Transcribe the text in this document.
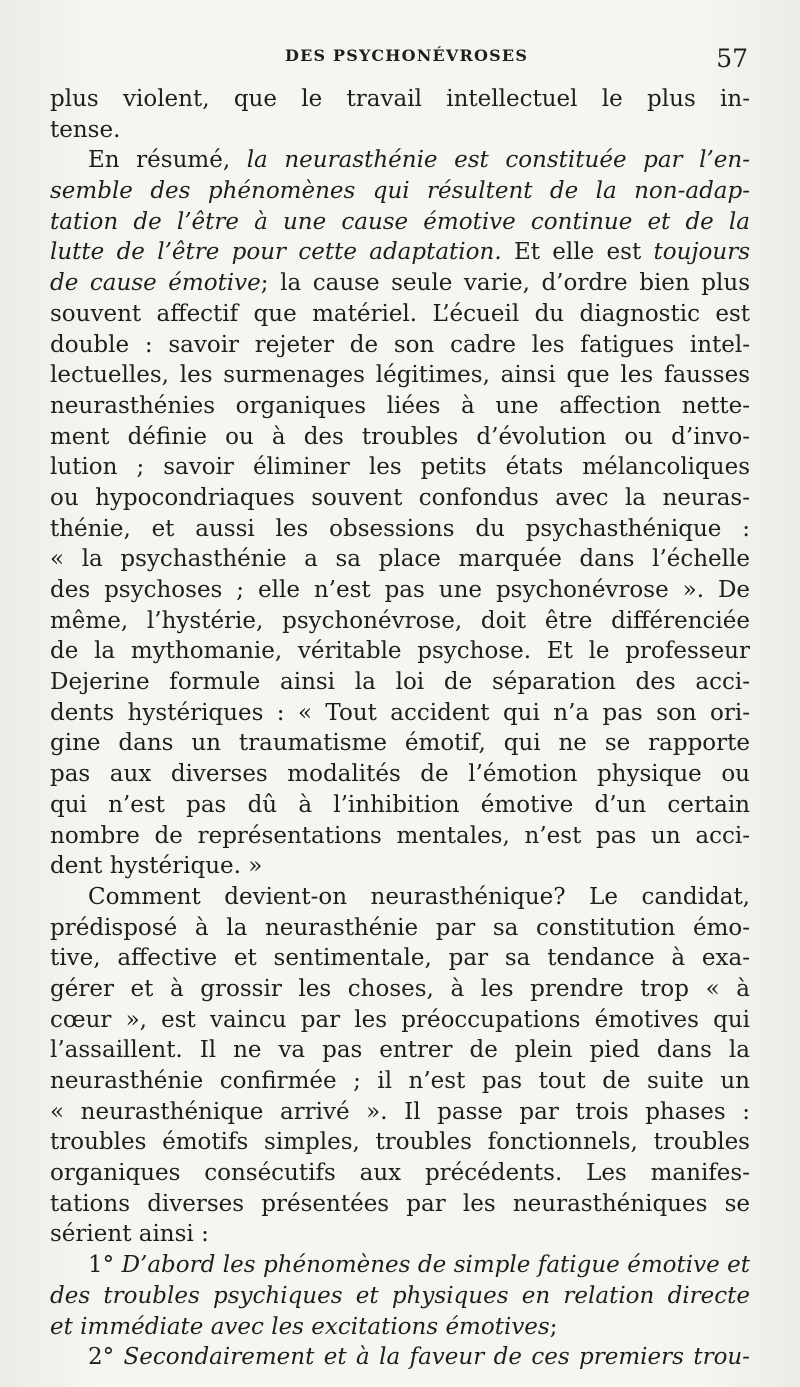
DES PSYCHONÉVROSES	57
plus violent, que le travail intellectuel le plus in-
tense.
En résumé, la neurasthénie est constituée par l’en-
semble des phénomènes qui résultent de la non-adap-
tation de l’être à une cause émotive continue et de la
lutte de l’être pour cette adaptation. Et elle est toujours
de cause émotive; la cause seule varie, d’ordre bien plus
souvent affectif que matériel. L’écueil du diagnostic est
double : savoir rejeter de son cadre les fatigues intel-
lectuelles, les surmenages légitimes, ainsi que les fausses
neurasthénies organiques liées à une affection nette-
ment définie ou à des troubles d’évolution ou d’invo-
lution ; savoir éliminer les petits états mélancoliques
ou hypocondriaques souvent confondus avec la neuras-
thénie, et aussi les obsessions du psychasthénique :
« la psychasthénie a sa place marquée dans l’échelle
des psychoses ; elle n’est pas une psychonévrose ». De
même, l’hystérie, psychonévrose, doit être différenciée
de la mythomanie, véritable psychose. Et le professeur
Dejerine formule ainsi la loi de séparation des acci-
dents hystériques : « Tout accident qui n’a pas son ori-
gine dans un traumatisme émotif, qui ne se rapporte
pas aux diverses modalités de l’émotion physique ou
qui n’est pas dû à l’inhibition émotive d’un certain
nombre de représentations mentales, n’est pas un acci-
dent hystérique. »
Comment devient-on neurasthénique? Le candidat,
prédisposé à la neurasthénie par sa constitution émo-
tive, affective et sentimentale, par sa tendance à exa-
gérer et à grossir les choses, à les prendre trop « à
cœur », est vaincu par les préoccupations émotives qui
l’assaillent. Il ne va pas entrer de plein pied dans la
neurasthénie confirmée ; il n’est pas tout de suite un
« neurasthénique arrivé ». Il passe par trois phases :
troubles émotifs simples, troubles fonctionnels, troubles
organiques consécutifs aux précédents. Les manifes-
tations diverses présentées par les neurasthéniques se
sérient ainsi :
1° D’abord les phénomènes de simple fatigue émotive et
des troubles psychiques et physiques en relation directe
et immédiate avec les excitations émotives;
2° Secondairement et à la faveur de ces premiers trou-
